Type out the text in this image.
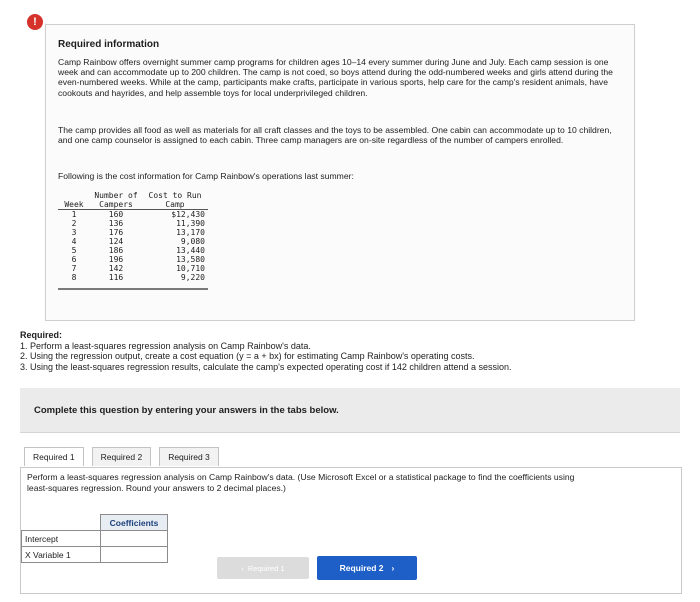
!
Required information
Camp Rainbow offers overnight summer camp programs for children ages 10–14 every summer during June and July. Each camp session is one week and can accommodate up to 200 children. The camp is not coed, so boys attend during the odd-numbered weeks and girls attend during the even-numbered weeks. While at the camp, participants make crafts, participate in various sports, help care for the camp's resident animals, have cookouts and hayrides, and help assemble toys for local underprivileged children.
The camp provides all food as well as materials for all craft classes and the toys to be assembled. One cabin can accommodate up to 10 children, and one camp counselor is assigned to each cabin. Three camp managers are on-site regardless of the number of campers enrolled.
Following is the cost information for Camp Rainbow's operations last summer:
	Number of	Cost to Run
Week	Campers	Camp
1	160	$12,430
2	136	11,390
3	176	13,170
4	124	9,080
5	186	13,440
6	196	13,580
7	142	10,710
8	116	9,220
Required:
1. Perform a least-squares regression analysis on Camp Rainbow's data.
2. Using the regression output, create a cost equation (y = a + bx) for estimating Camp Rainbow's operating costs.
3. Using the least-squares regression results, calculate the camp's expected operating cost if 142 children attend a session.
Complete this question by entering your answers in the tabs below.
Required 1	Required 2	Required 3
Perform a least-squares regression analysis on Camp Rainbow's data. (Use Microsoft Excel or a statistical package to find the coefficients using least-squares regression. Round your answers to 2 decimal places.)
	Coefficients
Intercept	
X Variable 1	
‹ Required 1	Required 2 ›
